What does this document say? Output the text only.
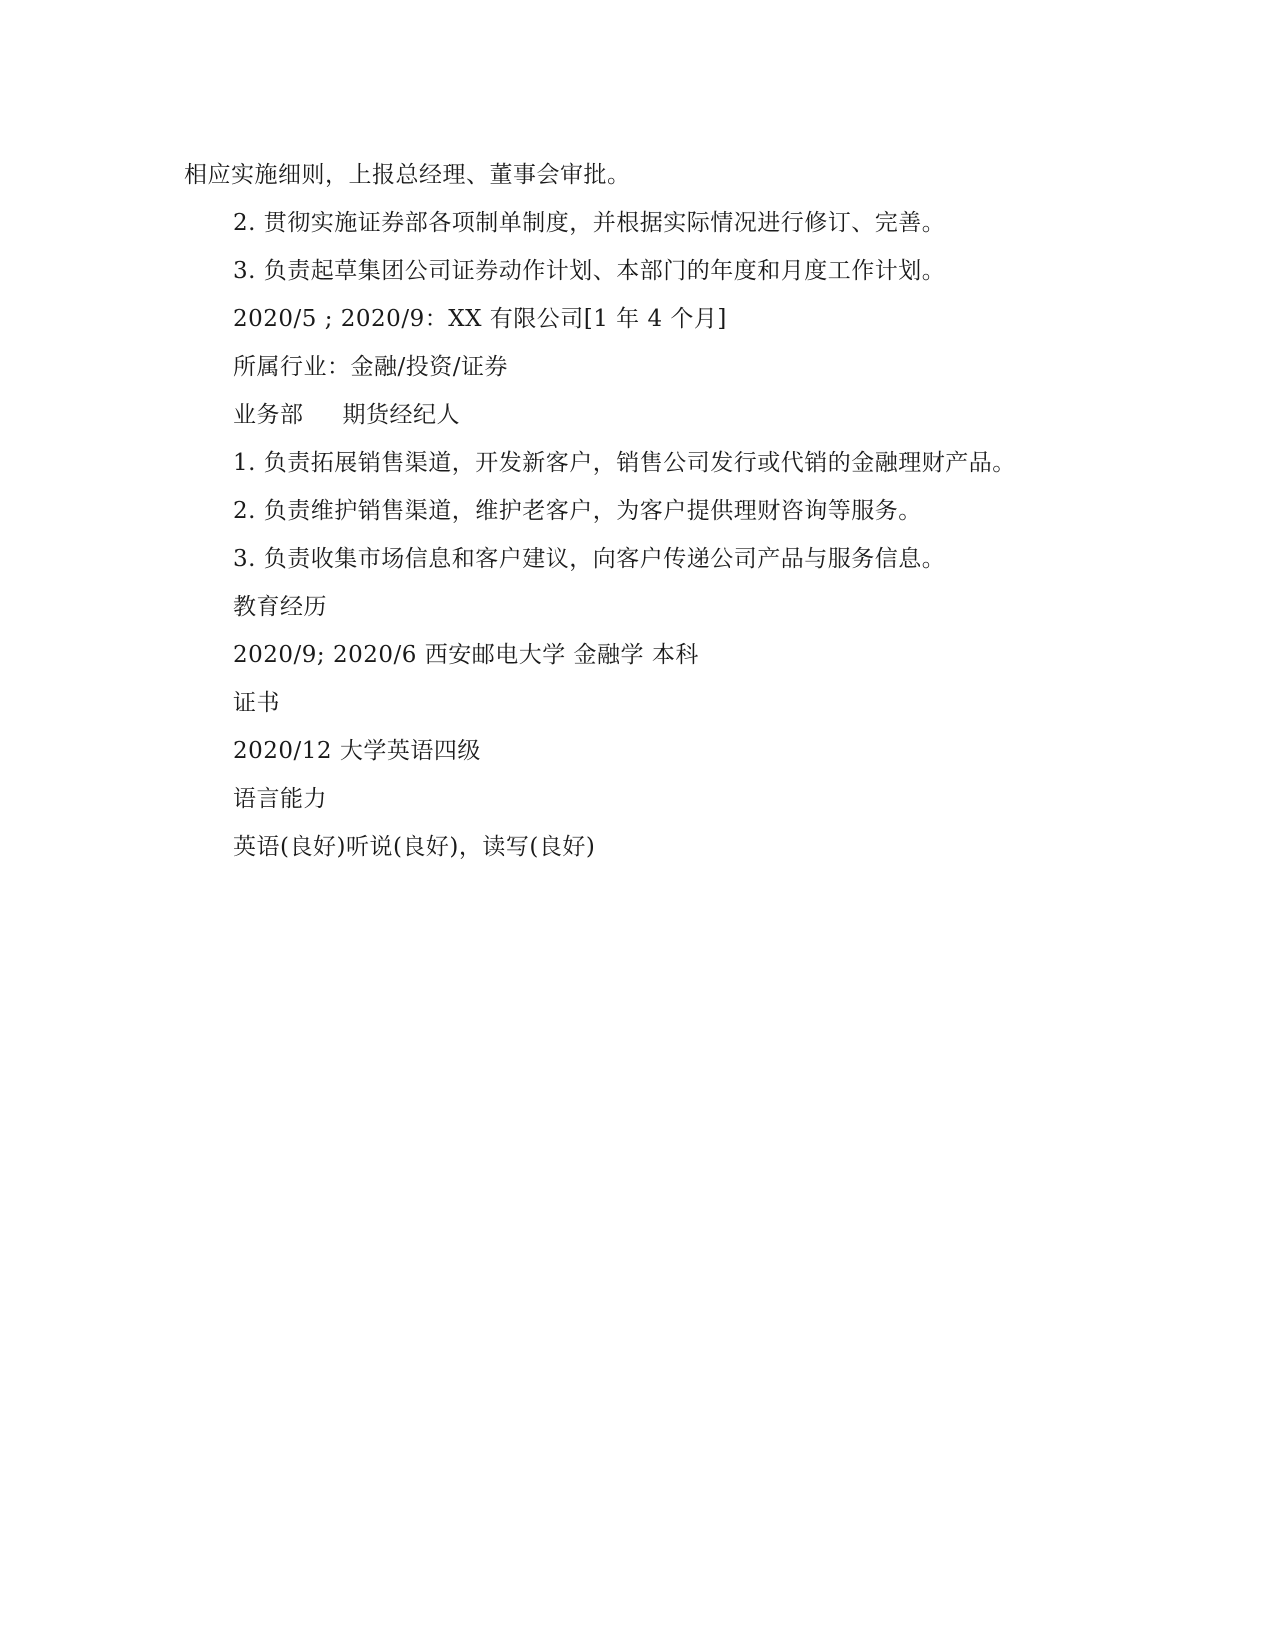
相应实施细则，上报总经理、董事会审批。
2. 贯彻实施证券部各项制单制度，并根据实际情况进行修订、完善。
3. 负责起草集团公司证券动作计划、本部门的年度和月度工作计划。
2020/5 ; 2020/9：XX 有限公司[1 年 4 个月]
所属行业：金融/投资/证券
业务部     期货经纪人
1. 负责拓展销售渠道，开发新客户，销售公司发行或代销的金融理财产品。
2. 负责维护销售渠道，维护老客户，为客户提供理财咨询等服务。
3. 负责收集市场信息和客户建议，向客户传递公司产品与服务信息。
教育经历
2020/9; 2020/6 西安邮电大学 金融学 本科
证书
2020/12 大学英语四级
语言能力
英语(良好)听说(良好)，读写(良好)
